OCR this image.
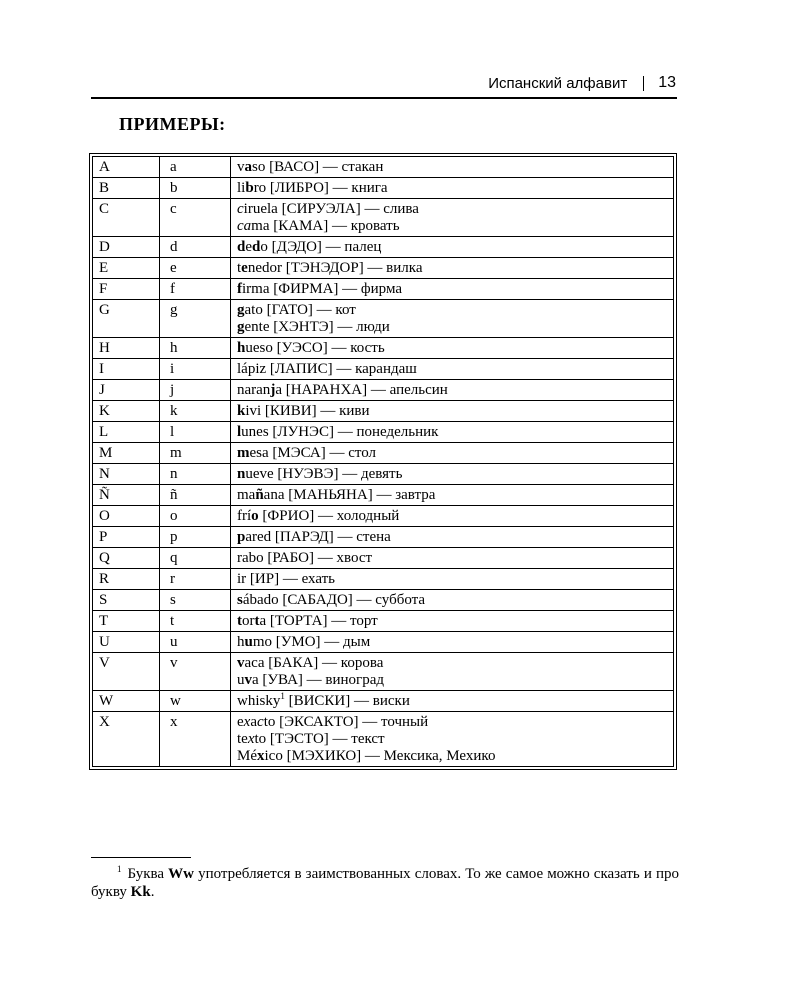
Испанский алфавит 13
ПРИМЕРЫ:
A	a	vaso [ВАСО] — стакан

B	b	libro [ЛИБРО] — книга

C	c	ciruela [СИРУЭЛА] — слива
cama [КАМА] — кровать

D	d	dedo [ДЭДО] — палец

E	e	tenedor [ТЭНЭДОР] — вилка

F	f	firma [ФИРМА] — фирма

G	g	gato [ГАТО] — кот
gente [ХЭНТЭ] — люди

H	h	hueso [УЭСО] — кость

I	i	lápiz [ЛАПИС] — карандаш

J	j	naranja [НАРАНХА] — апельсин

K	k	kivi [КИВИ] — киви

L	l	lunes [ЛУНЭС] — понедельник

M	m	mesa [МЭСА] — стол

N	n	nueve [НУЭВЭ] — девять

Ñ	ñ	mañana [МАНЬЯНА] — завтра

O	o	frío [ФРИО] — холодный

P	p	pared [ПАРЭД] — стена

Q	q	rabo [РАБО] — хвост

R	r	ir [ИР] — ехать

S	s	sábado [САБАДО] — суббота

T	t	torta [ТОРТА] — торт

U	u	humo [УМО] — дым

V	v	vaca [БАКА] — корова
uva [УВА] — виноград

W	w	whisky$^1$ [ВИСКИ] — виски

X	x	exacto [ЭКСАКТО] — точный
texto [ТЭСТО] — текст
México [МЭХИКО] — Мексика, Мехико
$^1$ Буква Ww употребляется в заимствованных словах. То же самое можно сказать и про букву Kk.
